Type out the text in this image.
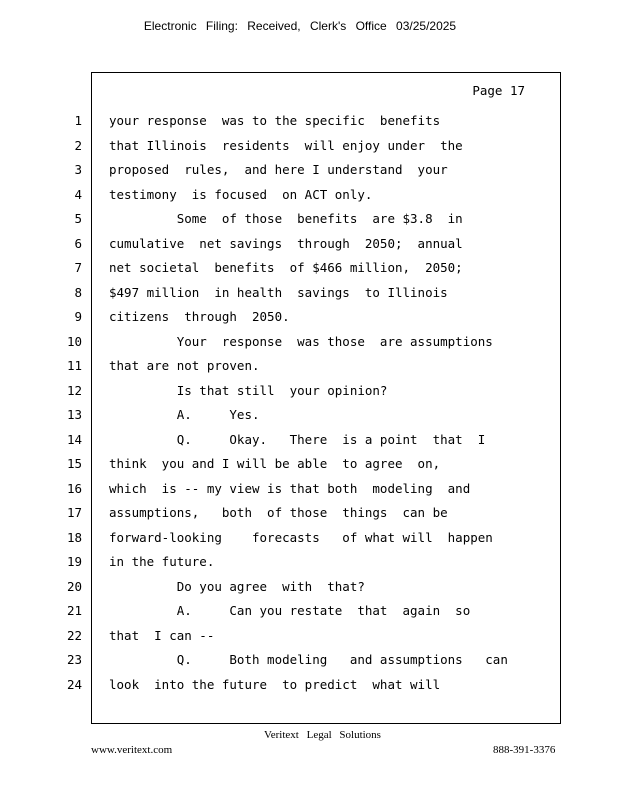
Electronic Filing: Received, Clerk's Office 03/25/2025
Page 17
1 your response  was to the specific  benefits
2 that Illinois  residents  will enjoy under  the
3 proposed  rules,  and here I understand  your
4 testimony  is focused  on ACT only.
5 Some  of those  benefits  are $3.8  in
6 cumulative  net savings  through  2050;  annual
7 net societal  benefits  of $466 million,  2050;
8 $497 million  in health  savings  to Illinois
9 citizens  through  2050.
10 Your  response  was those  are assumptions
11 that are not proven.
12 Is that still  your opinion?
13 A.     Yes.
14 Q.     Okay.   There  is a point  that  I
15 think  you and I will be able  to agree  on,
16 which  is -- my view is that both  modeling  and
17 assumptions,   both  of those  things  can be
18 forward-looking    forecasts   of what will  happen
19 in the future.
20 Do you agree  with  that?
21 A.     Can you restate  that  again  so
22 that  I can --
23 Q.     Both modeling   and assumptions   can
24 look  into the future  to predict  what will
Veritext Legal Solutions
www.veritext.com	888-391-3376
